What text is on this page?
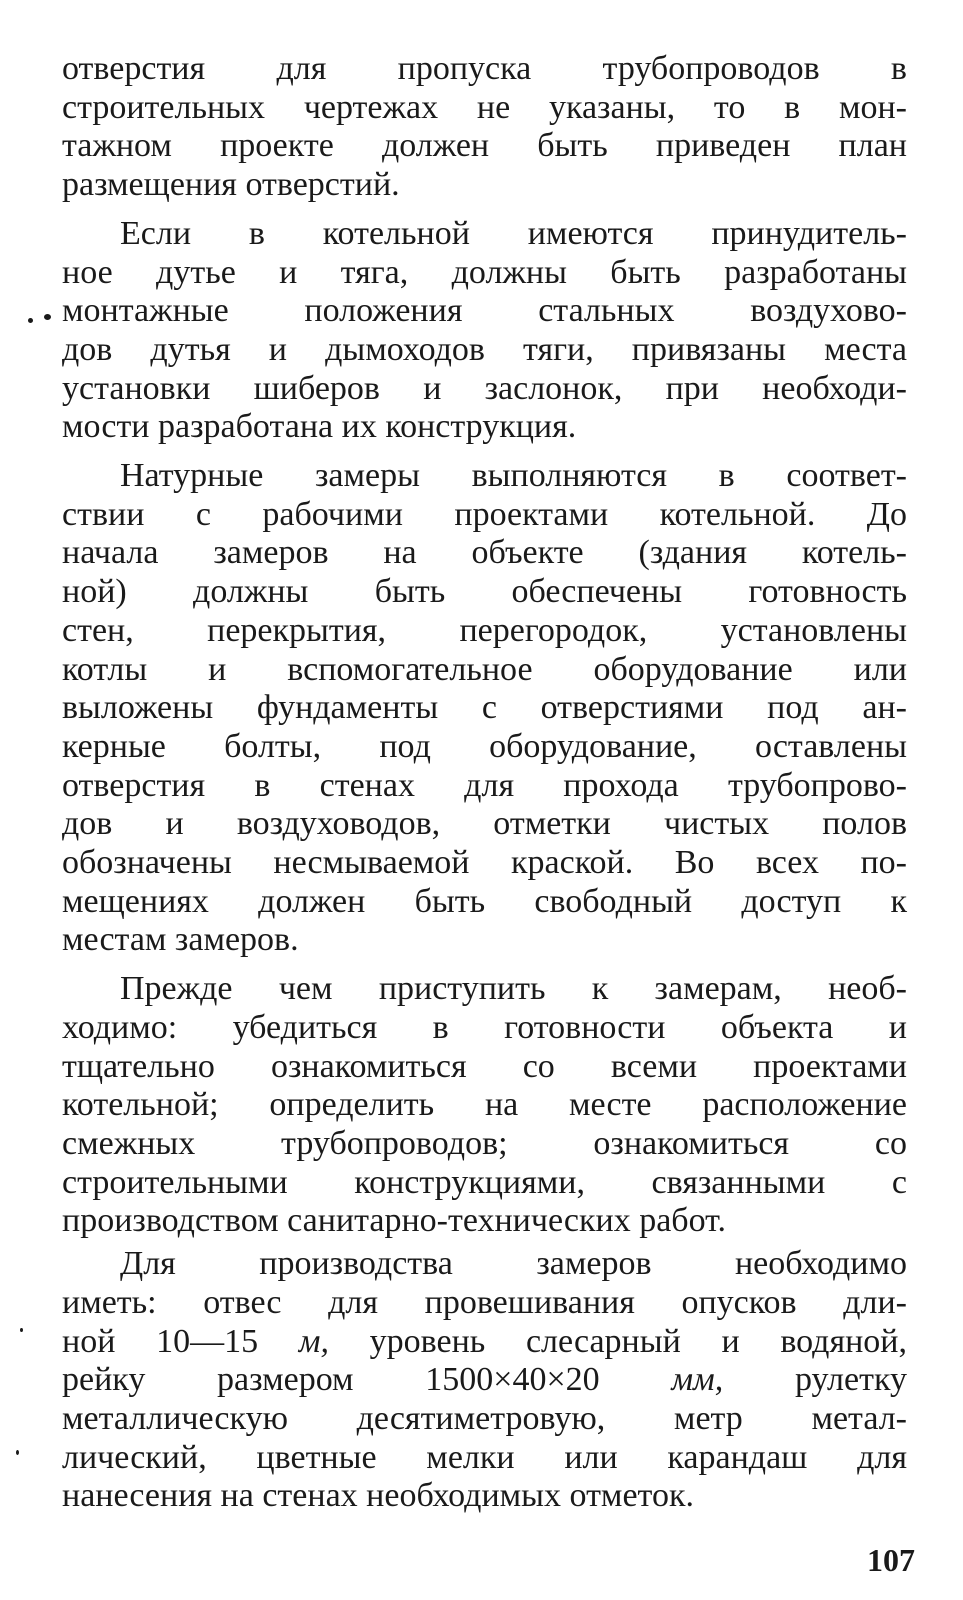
отверстия для пропуска трубопроводов в
строительных чертежах не указаны, то в мон-
тажном проекте должен быть приведен план
размещения отверстий.

Если в котельной имеются принудитель-
ное дутье и тяга, должны быть разработаны
монтажные положения стальных воздухово-
дов дутья и дымоходов тяги, привязаны места
установки шиберов и заслонок, при необходи-
мости разработана их конструкция.

Натурные замеры выполняются в соответ-
ствии с рабочими проектами котельной. До
начала замеров на объекте (здания котель-
ной) должны быть обеспечены готовность
стен, перекрытия, перегородок, установлены
котлы и вспомогательное оборудование или
выложены фундаменты с отверстиями под ан-
керные болты, под оборудование, оставлены
отверстия в стенах для прохода трубопрово-
дов и воздуховодов, отметки чистых полов
обозначены несмываемой краской. Во всех по-
мещениях должен быть свободный доступ к
местам замеров.

Прежде чем приступить к замерам, необ-
ходимо: убедиться в готовности объекта и
тщательно ознакомиться со всеми проектами
котельной; определить на месте расположение
смежных трубопроводов; ознакомиться со
строительными конструкциями, связанными с
производством санитарно-технических работ.

Для производства замеров необходимо
иметь: отвес для провешивания опусков дли-
ной 10—15 м, уровень слесарный и водяной,
рейку размером 1500×40×20 мм, рулетку
металлическую десятиметровую, метр метал-
лический, цветные мелки или карандаш для
нанесения на стенах необходимых отметок.

107
